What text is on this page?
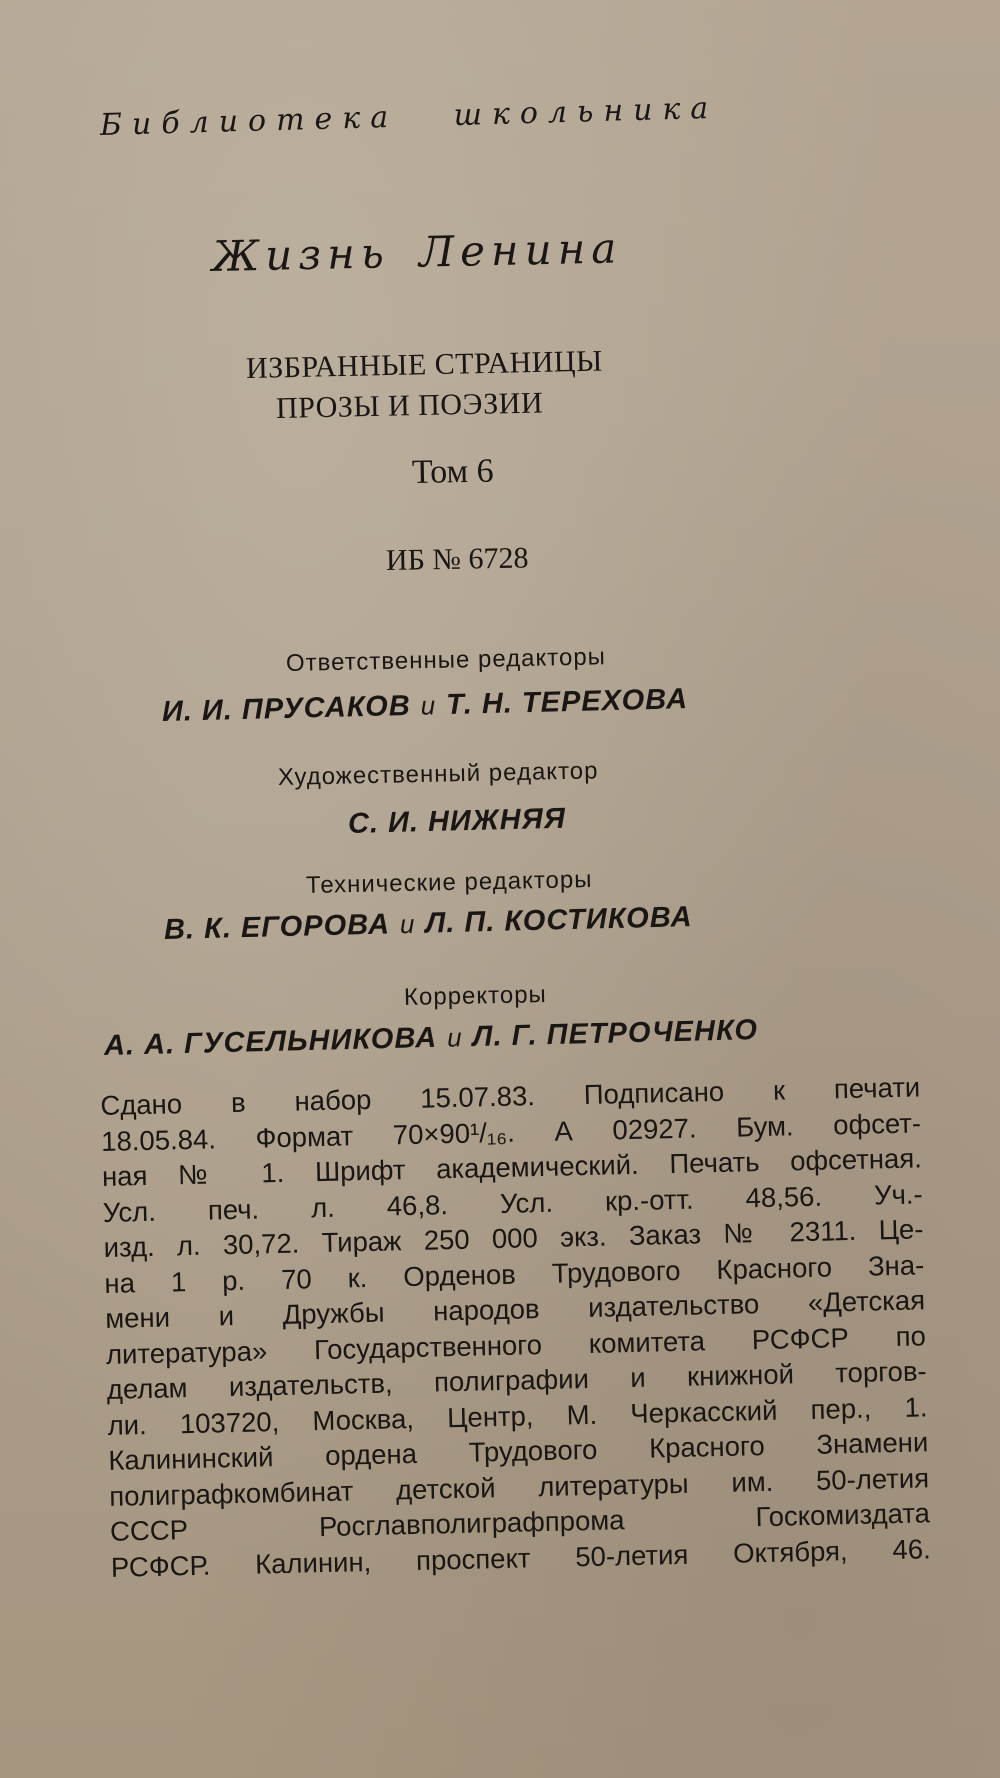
Библиотека школьника
Жизнь Ленина
ИЗБРАННЫЕ СТРАНИЦЫ
ПРОЗЫ И ПОЭЗИИ
Том 6
ИБ № 6728
Ответственные редакторы
И. И. ПРУСАКОВ и Т. Н. ТЕРЕХОВА
Художественный редактор
С. И. НИЖНЯЯ
Технические редакторы
В. К. ЕГОРОВА и Л. П. КОСТИКОВА
Корректоры
А. А. ГУСЕЛЬНИКОВА и Л. Г. ПЕТРОЧЕНКО
Сдано в набор 15.07.83. Подписано к печати
18.05.84. Формат 70×90¹/₁₆. А 02927. Бум. офсет-
ная № 1. Шрифт академический. Печать офсетная.
Усл. печ. л. 46,8. Усл. кр.-отт. 48,56. Уч.-
изд. л. 30,72. Тираж 250 000 экз. Заказ № 2311. Це-
на 1 р. 70 к. Орденов Трудового Красного Зна-
мени и Дружбы народов издательство «Детская
литература» Государственного комитета РСФСР по
делам издательств, полиграфии и книжной торгов-
ли. 103720, Москва, Центр, М. Черкасский пер., 1.
Калининский ордена Трудового Красного Знамени
полиграфкомбинат детской литературы им. 50-летия
СССР Росглавполиграфпрома Госкомиздата
РСФСР. Калинин, проспект 50-летия Октября, 46.
